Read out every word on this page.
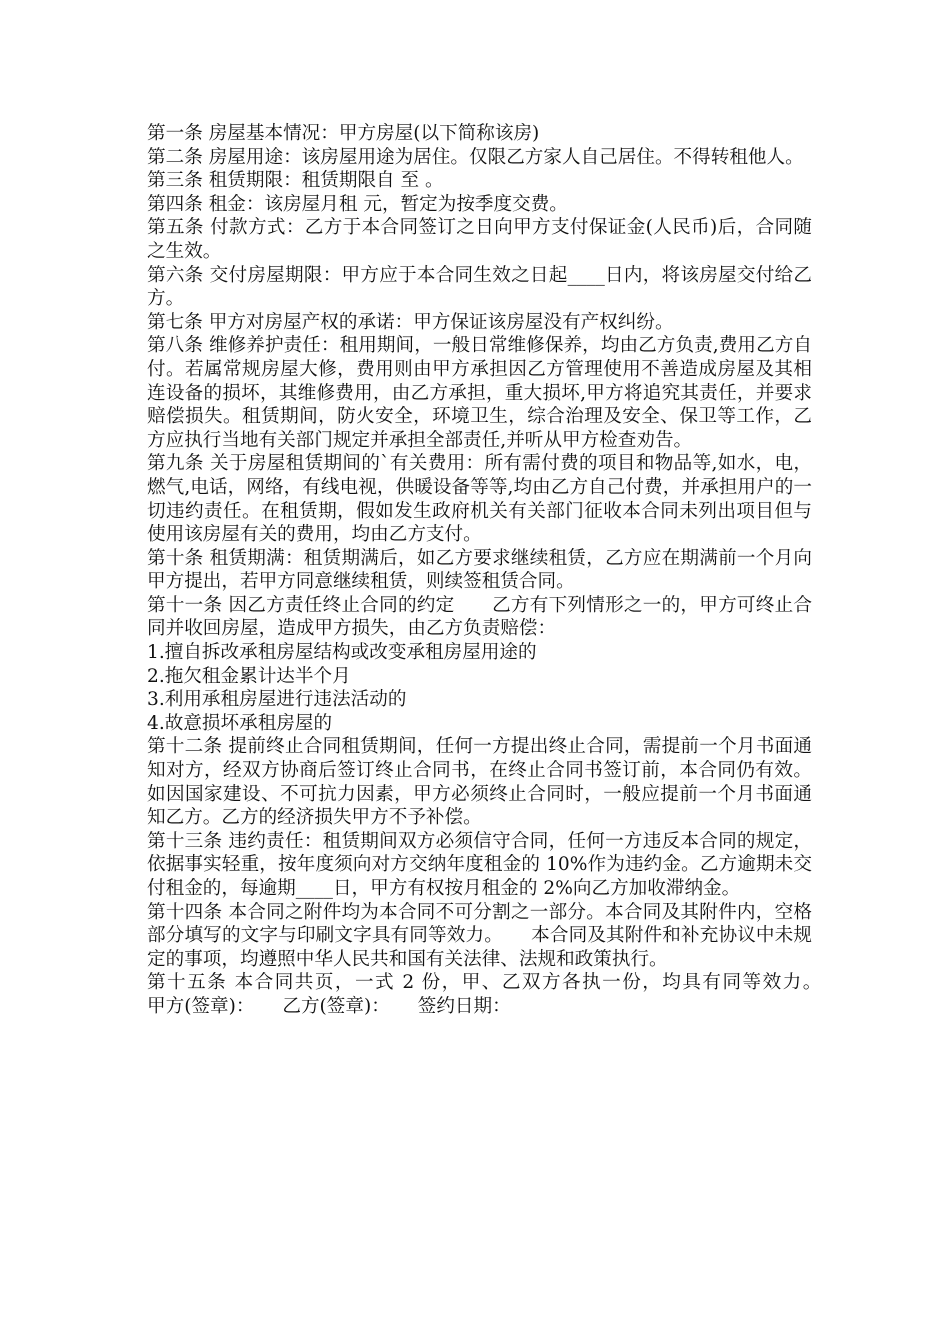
第一条 房屋基本情况：甲方房屋(以下简称该房)

第二条 房屋用途：该房屋用途为居住。仅限乙方家人自己居住。不得转租他人。

第三条 租赁期限：租赁期限自 至 。

第四条 租金：该房屋月租 元，暂定为按季度交费。

第五条 付款方式：乙方于本合同签订之日向甲方支付保证金(人民币)后，合同随之生效。

第六条 交付房屋期限：甲方应于本合同生效之日起____日内，将该房屋交付给乙方。

第七条 甲方对房屋产权的承诺：甲方保证该房屋没有产权纠纷。

第八条 维修养护责任：租用期间，一般日常维修保养，均由乙方负责,费用乙方自付。若属常规房屋大修，费用则由甲方承担因乙方管理使用不善造成房屋及其相连设备的损坏，其维修费用，由乙方承担，重大损坏,甲方将追究其责任，并要求赔偿损失。租赁期间，防火安全，环境卫生，综合治理及安全、保卫等工作，乙方应执行当地有关部门规定并承担全部责任,并听从甲方检查劝告。

第九条 关于房屋租赁期间的`有关费用：所有需付费的项目和物品等,如水，电，燃气,电话，网络，有线电视，供暖设备等等,均由乙方自己付费，并承担用户的一切违约责任。在租赁期，假如发生政府机关有关部门征收本合同未列出项目但与使用该房屋有关的费用，均由乙方支付。

第十条 租赁期满：租赁期满后，如乙方要求继续租赁，乙方应在期满前一个月向甲方提出，若甲方同意继续租赁，则续签租赁合同。

第十一条 因乙方责任终止合同的约定　　乙方有下列情形之一的，甲方可终止合同并收回房屋，造成甲方损失，由乙方负责赔偿：

1.擅自拆改承租房屋结构或改变承租房屋用途的

2.拖欠租金累计达半个月

3.利用承租房屋进行违法活动的

4.故意损坏承租房屋的

第十二条 提前终止合同租赁期间，任何一方提出终止合同，需提前一个月书面通知对方，经双方协商后签订终止合同书，在终止合同书签订前，本合同仍有效。如因国家建设、不可抗力因素，甲方必须终止合同时，一般应提前一个月书面通知乙方。乙方的经济损失甲方不予补偿。

第十三条 违约责任：租赁期间双方必须信守合同，任何一方违反本合同的规定，依据事实轻重，按年度须向对方交纳年度租金的 10%作为违约金。乙方逾期未交付租金的，每逾期____日，甲方有权按月租金的 2%向乙方加收滞纳金。

第十四条 本合同之附件均为本合同不可分割之一部分。本合同及其附件内，空格部分填写的文字与印刷文字具有同等效力。　　本合同及其附件和补充协议中未规定的事项，均遵照中华人民共和国有关法律、法规和政策执行。

第十五条 本合同共页，一式 2 份，甲、乙双方各执一份，均具有同等效力。　　甲方(签章)：　　乙方(签章)：　　签约日期：
